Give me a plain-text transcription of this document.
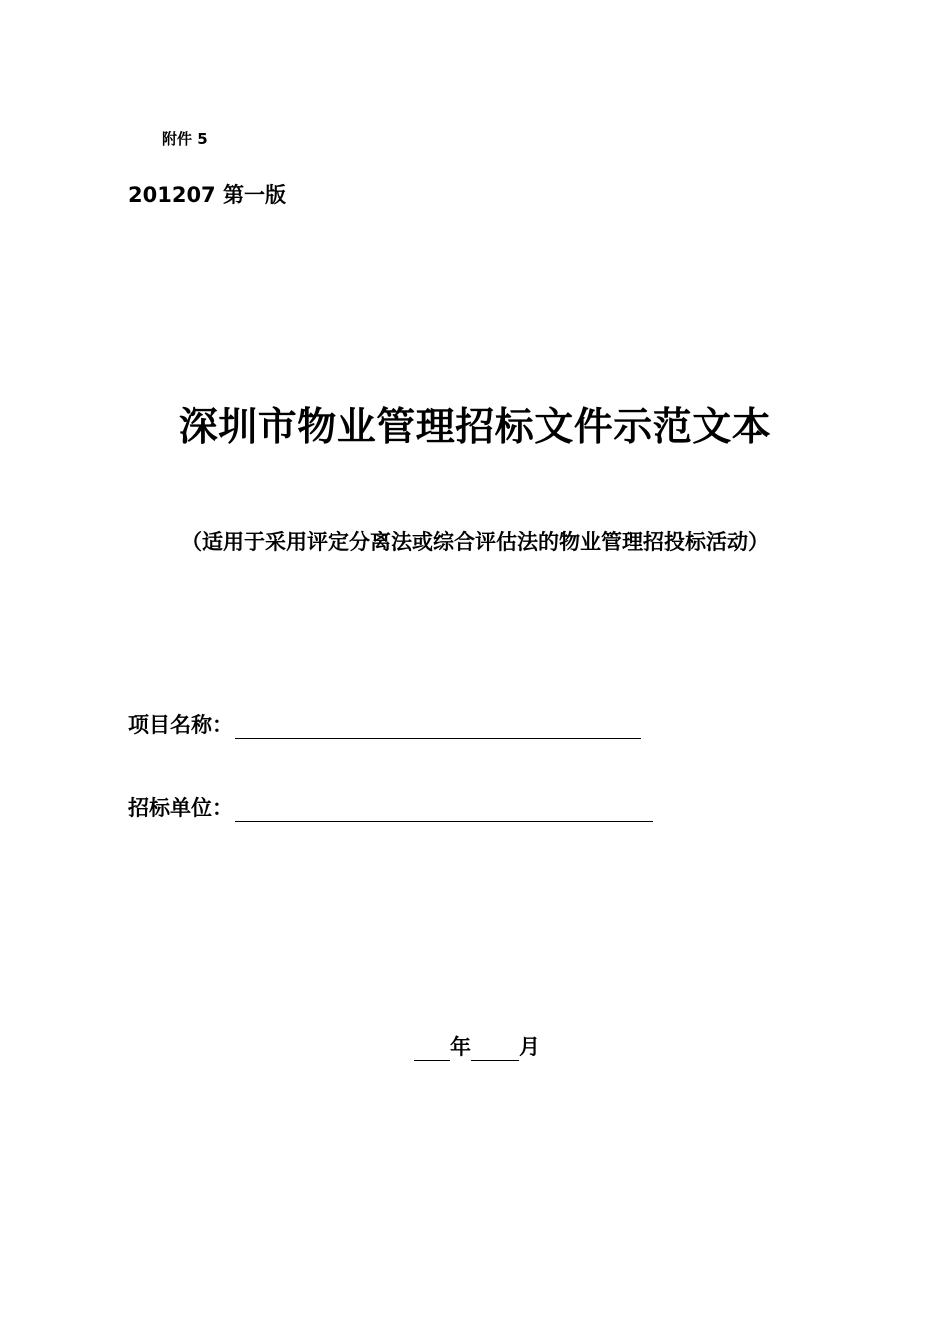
附件 5
201207 第一版
深圳市物业管理招标文件示范文本
（适用于采用评定分离法或综合评估法的物业管理招投标活动）
项目名称：
招标单位：
年 月
